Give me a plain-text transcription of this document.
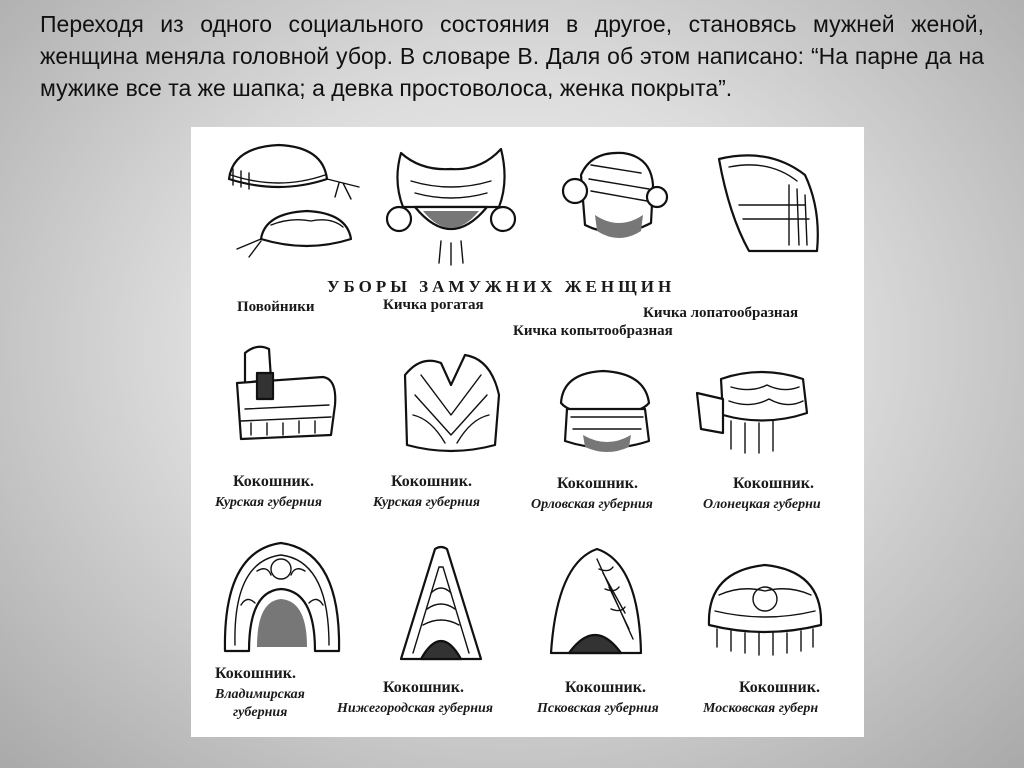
Переходя из одного социального состояния в другое, становясь мужней женой, женщина меняла головной убор. В словаре В. Даля об этом написано: “На парне да на мужике все та же шапка; а девка простоволоса, женка покрыта”.

УБОРЫ ЗАМУЖНИХ ЖЕНЩИН
Повойники	Кичка рогатая	Кичка лопатообразная
Кичка копытообразная
Кокошник.
Курская губерния
Кокошник.
Курская губерния
Кокошник.
Орловская губерния
Кокошник.
Олонецкая губерни
Кокошник.
Владимирская
губерния
Кокошник.
Нижегородская губерния
Кокошник.
Псковская губерния
Кокошник.
Московская губерн
